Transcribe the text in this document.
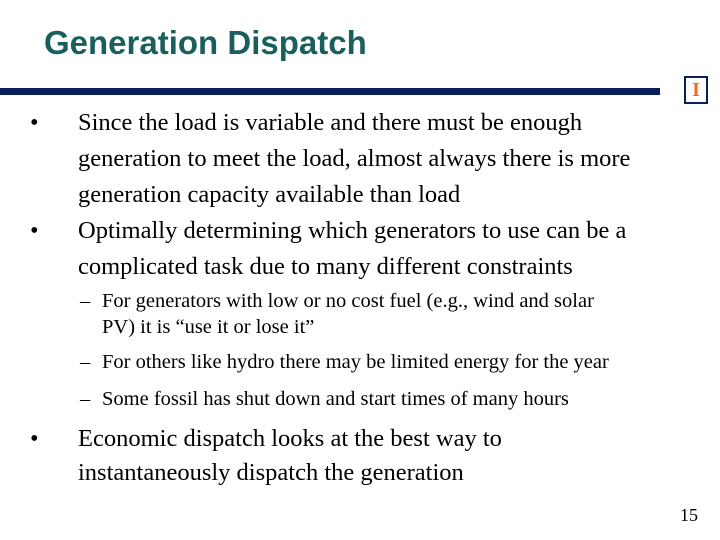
Generation Dispatch
I
•	Since the load is variable and there must be enough
generation to meet the load, almost always there is more
generation capacity available than load
•	Optimally determining which generators to use can be a
complicated task due to many different constraints
– For generators with low or no cost fuel (e.g., wind and solar
PV) it is “use it or lose it”
– For others like hydro there may be limited energy for the year
– Some fossil has shut down and start times of many hours
•	Economic dispatch looks at the best way to
instantaneously dispatch the generation
15
